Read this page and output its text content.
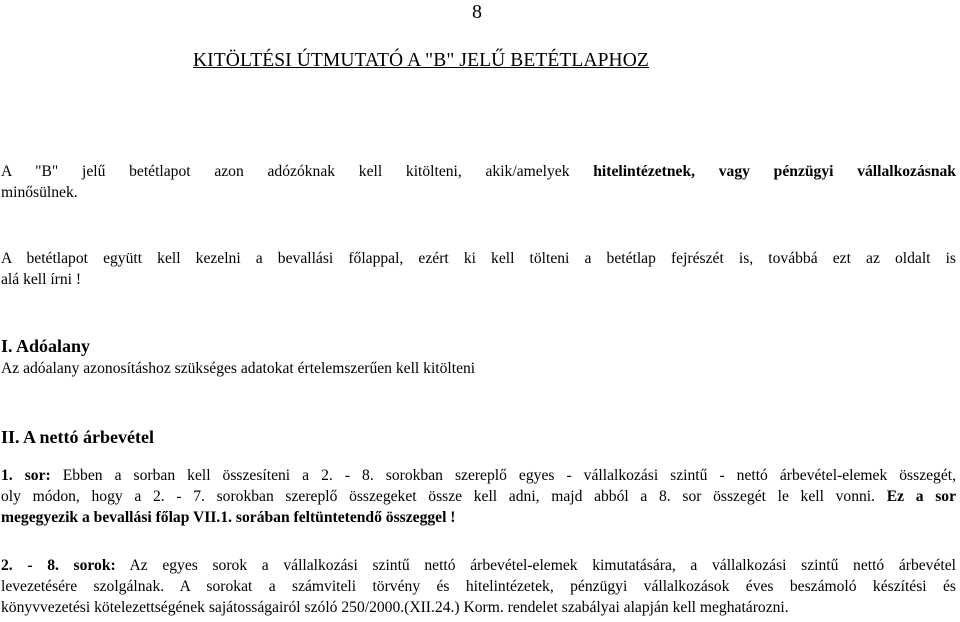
8
KITÖLTÉSI ÚTMUTATÓ A "B" JELŰ BETÉTLAPHOZ
A "B" jelű betétlapot azon adózóknak kell kitölteni, akik/amelyek hitelintézetnek, vagy pénzügyi vállalkozásnak
minősülnek.
A betétlapot együtt kell kezelni a bevallási főlappal, ezért ki kell tölteni a betétlap fejrészét is, továbbá ezt az oldalt is
alá kell írni !
I. Adóalany
Az adóalany azonosításhoz szükséges adatokat értelemszerűen kell kitölteni
II. A nettó árbevétel
1. sor: Ebben a sorban kell összesíteni a 2. - 8. sorokban szereplő egyes - vállalkozási szintű - nettó árbevétel-elemek összegét,
oly módon, hogy a 2. - 7. sorokban szereplő összegeket össze kell adni, majd abból a 8. sor összegét le kell vonni. Ez a sor
megegyezik a bevallási főlap VII.1. sorában feltüntetendő összeggel !
2. - 8. sorok: Az egyes sorok a vállalkozási szintű nettó árbevétel-elemek kimutatására, a vállalkozási szintű nettó árbevétel
levezetésére szolgálnak. A sorokat a számviteli törvény és hitelintézetek, pénzügyi vállalkozások éves beszámoló készítési és
könyvvezetési kötelezettségének sajátosságairól szóló 250/2000.(XII.24.) Korm. rendelet szabályai alapján kell meghatározni.
